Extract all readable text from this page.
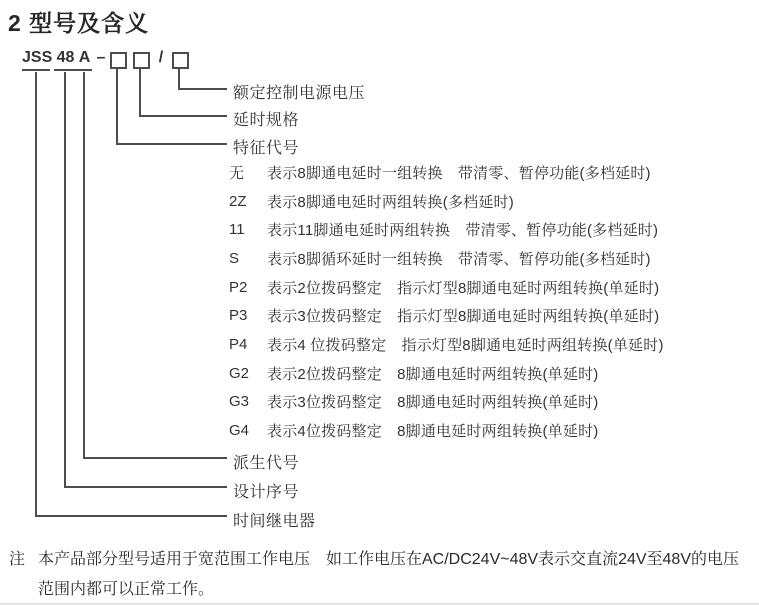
2 型号及含义
JSS 48 A –	/
额定控制电源电压
延时规格
特征代号
派生代号
设计序号
时间继电器
无	表示8脚通电延时一组转换　带清零、暂停功能(多档延时)
2Z	表示8脚通电延时两组转换(多档延时)
11	表示11脚通电延时两组转换　带清零、暂停功能(多档延时)
S	表示8脚循环延时一组转换　带清零、暂停功能(多档延时)
P2	表示2位拨码整定　指示灯型8脚通电延时两组转换(单延时)
P3	表示3位拨码整定　指示灯型8脚通电延时两组转换(单延时)
P4	表示4 位拨码整定　指示灯型8脚通电延时两组转换(单延时)
G2	表示2位拨码整定　8脚通电延时两组转换(单延时)
G3	表示3位拨码整定　8脚通电延时两组转换(单延时)
G4	表示4位拨码整定　8脚通电延时两组转换(单延时)
注 本产品部分型号适用于宽范围工作电压　如工作电压在AC/DC24V~48V表示交直流24V至48V的电压
范围内都可以正常工作。
